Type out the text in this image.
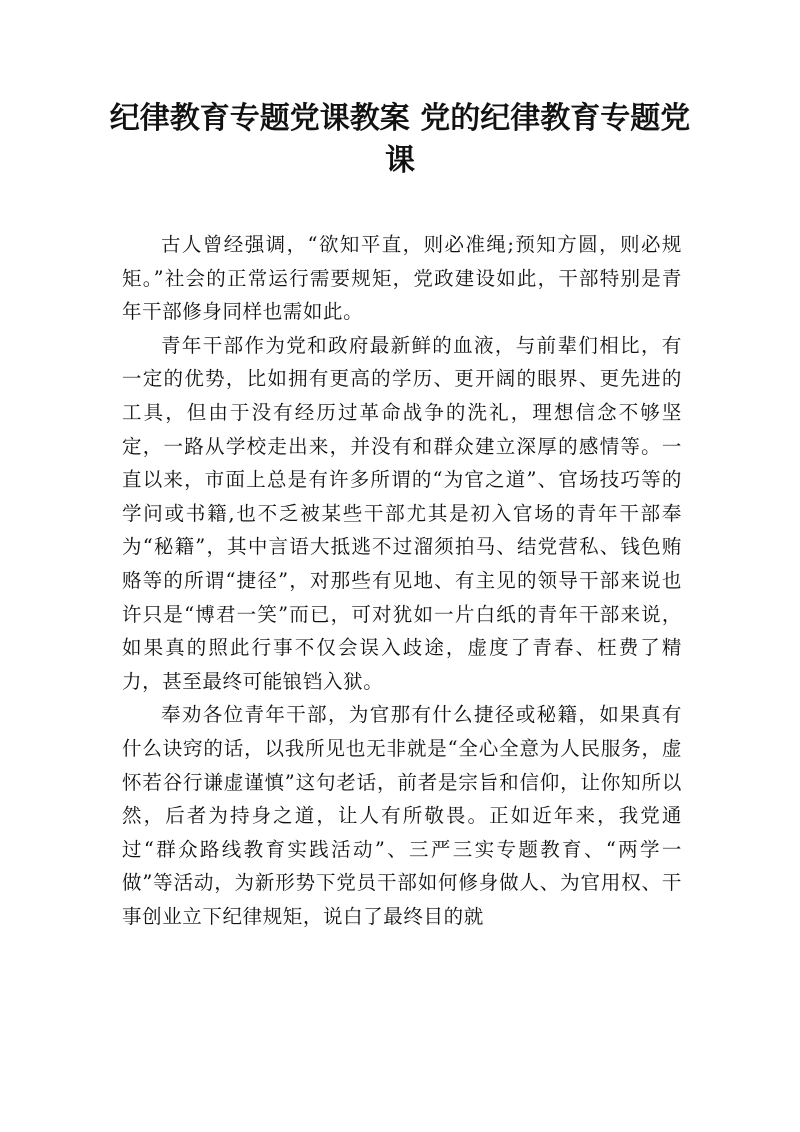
纪律教育专题党课教案 党的纪律教育专题党课

古人曾经强调，“欲知平直，则必准绳;预知方圆，则必规矩。”社会的正常运行需要规矩，党政建设如此，干部特别是青年干部修身同样也需如此。

青年干部作为党和政府最新鲜的血液，与前辈们相比，有一定的优势，比如拥有更高的学历、更开阔的眼界、更先进的工具，但由于没有经历过革命战争的洗礼，理想信念不够坚定，一路从学校走出来，并没有和群众建立深厚的感情等。一直以来，市面上总是有许多所谓的“为官之道”、官场技巧等的学问或书籍,也不乏被某些干部尤其是初入官场的青年干部奉为“秘籍”，其中言语大抵逃不过溜须拍马、结党营私、钱色贿赂等的所谓“捷径”，对那些有见地、有主见的领导干部来说也许只是“博君一笑”而已，可对犹如一片白纸的青年干部来说，如果真的照此行事不仅会误入歧途，虚度了青春、枉费了精力，甚至最终可能锒铛入狱。

奉劝各位青年干部，为官那有什么捷径或秘籍，如果真有什么诀窍的话，以我所见也无非就是“全心全意为人民服务，虚怀若谷行谦虚谨慎”这句老话，前者是宗旨和信仰，让你知所以然，后者为持身之道，让人有所敬畏。正如近年来，我党通过“群众路线教育实践活动”、三严三实专题教育、“两学一做”等活动，为新形势下党员干部如何修身做人、为官用权、干事创业立下纪律规矩，说白了最终目的就
